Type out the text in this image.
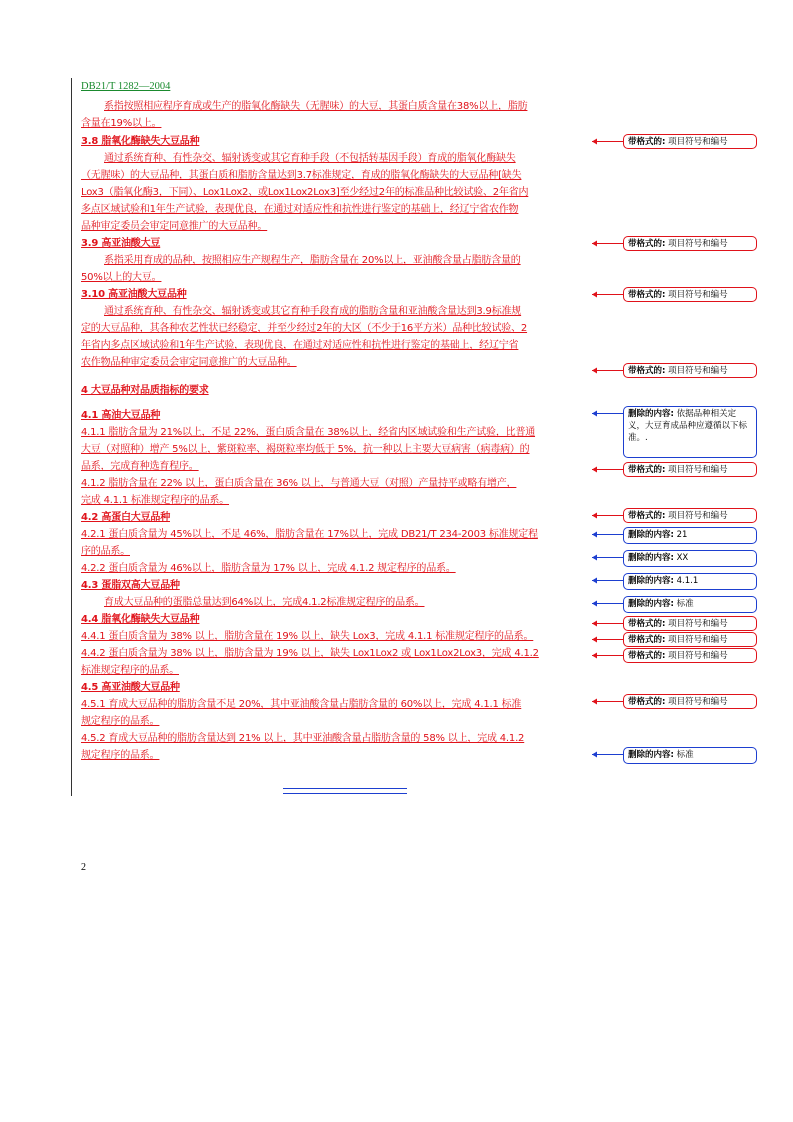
DB21/T 1282—2004
系指按照相应程序育成或生产的脂氧化酶缺失（无腥味）的大豆，其蛋白质含量在38%以上，脂肪
含量在19%以上。
3.8 脂氧化酶缺失大豆品种
通过系统育种、有性杂交、辐射诱变或其它育种手段（不包括转基因手段）育成的脂氧化酶缺失
（无腥味）的大豆品种，其蛋白质和脂肪含量达到3.7标准规定，育成的脂氧化酶缺失的大豆品种[缺失
Lox3（脂氧化酶3，下同）、Lox1Lox2、或Lox1Lox2Lox3]至少经过2年的标准品种比较试验、2年省内
多点区域试验和1年生产试验，表现优良，在通过对适应性和抗性进行鉴定的基础上，经辽宁省农作物
品种审定委员会审定同意推广的大豆品种。
3.9 高亚油酸大豆
系指采用育成的品种，按照相应生产规程生产，脂肪含量在 20%以上，亚油酸含量占脂肪含量的
50%以上的大豆。
3.10 高亚油酸大豆品种
通过系统育种、有性杂交、辐射诱变或其它育种手段育成的脂肪含量和亚油酸含量达到3.9标准规
定的大豆品种，其各种农艺性状已经稳定，并至少经过2年的大区（不少于16平方米）品种比较试验、2
年省内多点区域试验和1年生产试验，表现优良，在通过对适应性和抗性进行鉴定的基础上，经辽宁省
农作物品种审定委员会审定同意推广的大豆品种。
4 大豆品种对品质指标的要求
4.1 高油大豆品种
4.1.1 脂肪含量为 21%以上，不足 22%，蛋白质含量在 38%以上，经省内区域试验和生产试验，比普通
大豆（对照种）增产 5%以上，紫斑粒率、褐斑粒率均低于 5%，抗一种以上主要大豆病害（病毒病）的
品系，完成育种选育程序。
4.1.2 脂肪含量在 22% 以上，蛋白质含量在 36% 以上，与普通大豆（对照）产量持平或略有增产，
完成 4.1.1 标准规定程序的品系。
4.2 高蛋白大豆品种
4.2.1 蛋白质含量为 45%以上，不足 46%，脂肪含量在 17%以上，完成 DB21/T 234-2003 标准规定程
序的品系。
4.2.2 蛋白质含量为 46%以上，脂肪含量为 17% 以上，完成 4.1.2 规定程序的品系。
4.3 蛋脂双高大豆品种
育成大豆品种的蛋脂总量达到64%以上，完成4.1.2标准规定程序的品系。
4.4 脂氧化酶缺失大豆品种
4.4.1 蛋白质含量为 38% 以上，脂肪含量在 19% 以上，缺失 Lox3，完成 4.1.1 标准规定程序的品系。
4.4.2 蛋白质含量为 38% 以上，脂肪含量为 19% 以上，缺失 Lox1Lox2 或 Lox1Lox2Lox3，完成 4.1.2
标准规定程序的品系。
4.5 高亚油酸大豆品种
4.5.1 育成大豆品种的脂肪含量不足 20%，其中亚油酸含量占脂肪含量的 60%以上，完成 4.1.1 标准
规定程序的品系。
4.5.2 育成大豆品种的脂肪含量达到 21% 以上，其中亚油酸含量占脂肪含量的 58% 以上，完成 4.1.2
规定程序的品系。
带格式的: 项目符号和编号
带格式的: 项目符号和编号
带格式的: 项目符号和编号
带格式的: 项目符号和编号
删除的内容: 依据品种相关定义，大豆育成品种应遵循以下标准。.
带格式的: 项目符号和编号
带格式的: 项目符号和编号
删除的内容: 21
删除的内容: XX
删除的内容: 4.1.1
删除的内容: 标准
带格式的: 项目符号和编号
带格式的: 项目符号和编号
带格式的: 项目符号和编号
带格式的: 项目符号和编号
删除的内容: 标准
2
